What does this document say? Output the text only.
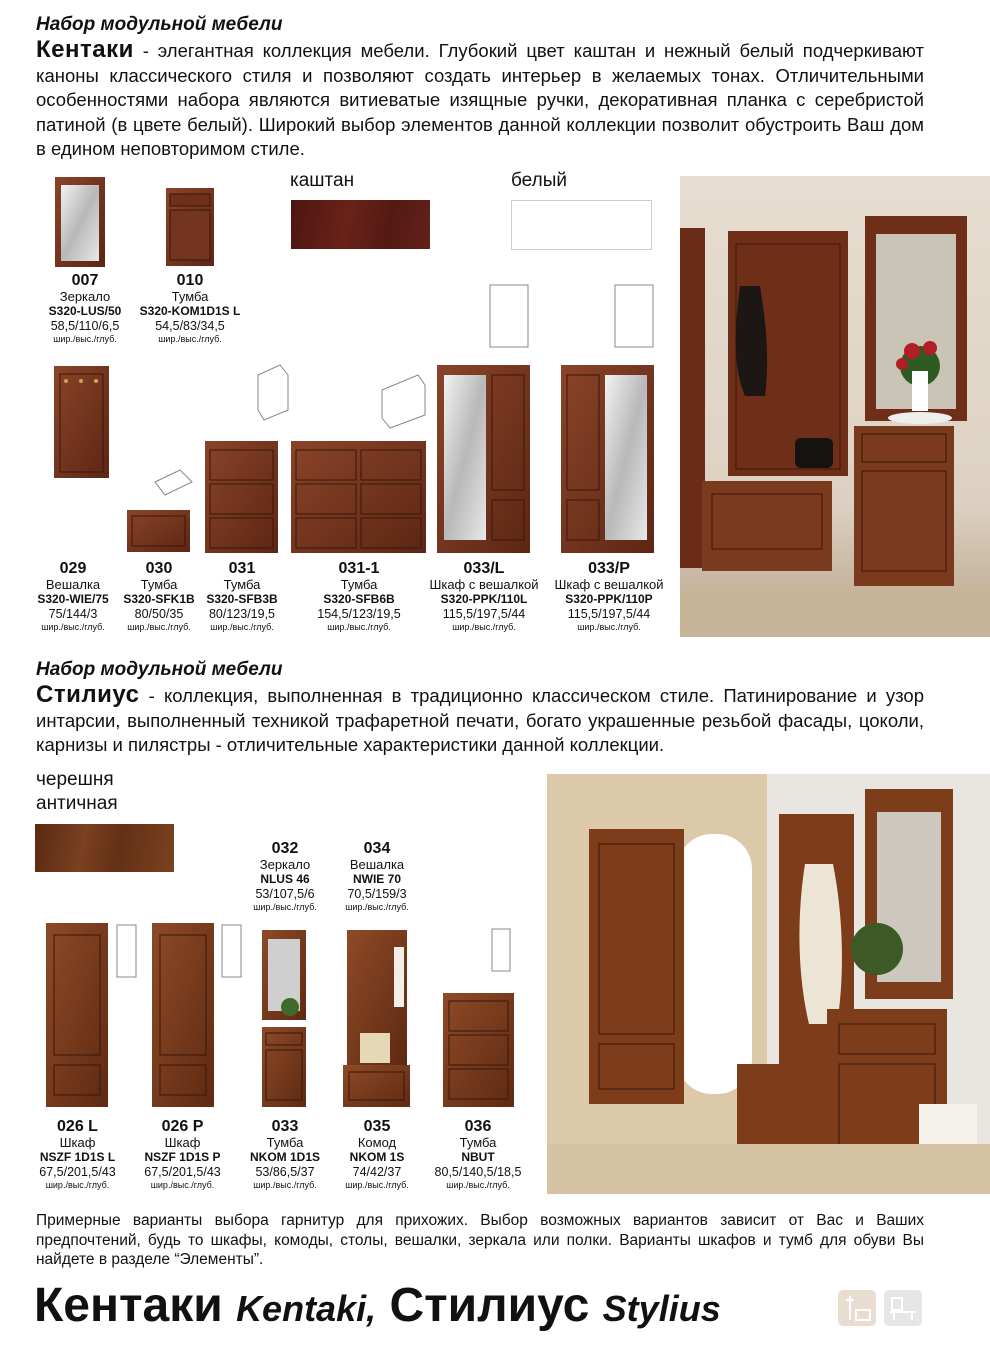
Набор модульной мебели

Кентаки - элегантная коллекция мебели. Глубокий цвет каштан и нежный белый подчеркивают каноны классического стиля и позволяют создать интерьер в желаемых тонах. Отличительными особенностями набора являются витиеватые изящные ручки, декоративная планка с серебристой патиной (в цвете белый). Широкий выбор элементов данной коллекции позволит обустроить Ваш дом в едином неповторимом стиле.

каштан	белый
007
Зеркало
S320-LUS/50
58,5/110/6,5
шир./выс./глуб.
010
Тумба
S320-KOM1D1S L
54,5/83/34,5
шир./выс./глуб.
029
Вешалка
S320-WIE/75
75/144/3
шир./выс./глуб.
030
Тумба
S320-SFK1B
80/50/35
шир./выс./глуб.
031
Тумба
S320-SFB3B
80/123/19,5
шир./выс./глуб.
031-1
Тумба
S320-SFB6B
154,5/123/19,5
шир./выс./глуб.
033/L
Шкаф с вешалкой
S320-PPK/110L
115,5/197,5/44
шир./выс./глуб.
033/P
Шкаф с вешалкой
S320-PPK/110P
115,5/197,5/44
шир./выс./глуб.
Набор модульной мебели

Стилиус - коллекция, выполненная в традиционно классическом стиле. Патинирование и узор интарсии, выполненный техникой трафаретной печати, богато украшенные резьбой фасады, цоколи, карнизы и пилястры - отличительные характеристики данной коллекции.

черешня
античная
032
Зеркало
NLUS 46
53/107,5/6
шир./выс./глуб.
034
Вешалка
NWIE 70
70,5/159/3
шир./выс./глуб.
026 L
Шкаф
NSZF 1D1S L
67,5/201,5/43
шир./выс./глуб.
026 P
Шкаф
NSZF 1D1S P
67,5/201,5/43
шир./выс./глуб.
033
Тумба
NKOM 1D1S
53/86,5/37
шир./выс./глуб.
035
Комод
NKOM 1S
74/42/37
шир./выс./глуб.
036
Тумба
NBUT
80,5/140,5/18,5
шир./выс./глуб.

Примерные варианты выбора гарнитур для прихожих. Выбор возможных вариантов зависит от Вас и Ваших предпочтений, будь то шкафы, комоды, столы, вешалки, зеркала или полки. Варианты шкафов и тумб для обуви Вы найдете в разделе “Элементы”.

Кентаки Kentaki, Стилиус Stylius
